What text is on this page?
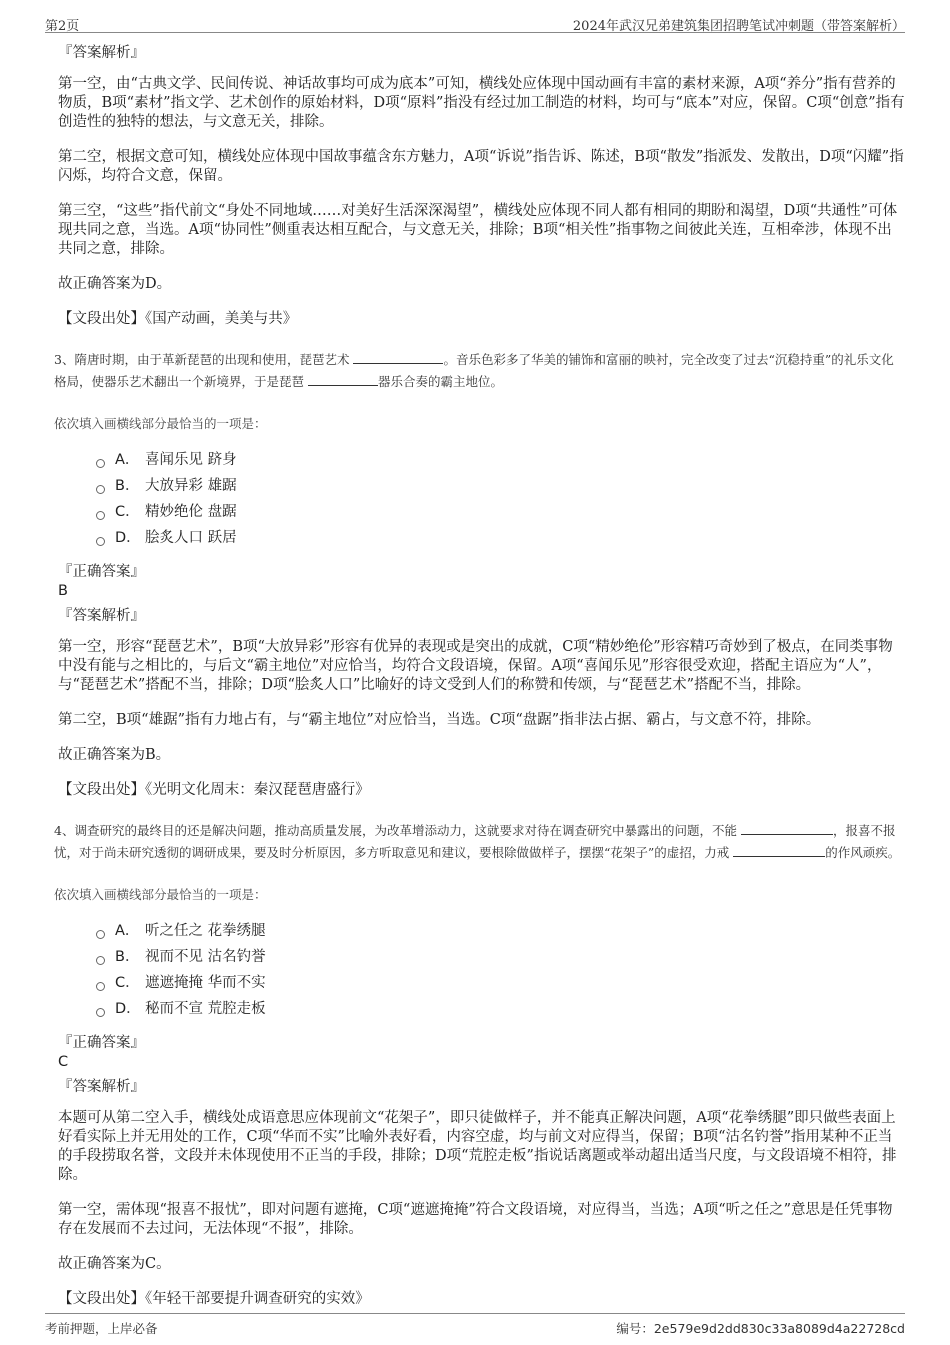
第2页	2024年武汉兄弟建筑集团招聘笔试冲刺题（带答案解析）
『答案解析』
第一空，由“古典文学、民间传说、神话故事均可成为底本”可知，横线处应体现中国动画有丰富的素材来源，A项“养分”指有营养的物质，B项“素材”指文学、艺术创作的原始材料，D项“原料”指没有经过加工制造的材料，均可与“底本”对应，保留。C项“创意”指有创造性的独特的想法，与文意无关，排除。
第二空，根据文意可知，横线处应体现中国故事蕴含东方魅力，A项“诉说”指告诉、陈述，B项“散发”指派发、发散出，D项“闪耀”指闪烁，均符合文意，保留。
第三空，“这些”指代前文“身处不同地域……对美好生活深深渴望”，横线处应体现不同人都有相同的期盼和渴望，D项“共通性”可体现共同之意，当选。A项“协同性”侧重表达相互配合，与文意无关，排除；B项“相关性”指事物之间彼此关连，互相牵涉，体现不出共同之意，排除。
故正确答案为D。
【文段出处】《国产动画，美美与共》
3、隋唐时期，由于革新琵琶的出现和使用，琵琶艺术	。音乐色彩多了华美的铺饰和富丽的映衬，完全改变了过去“沉稳持重”的礼乐文化格局，使器乐艺术翻出一个新境界，于是琵琶	器乐合奏的霸主地位。
依次填入画横线部分最恰当的一项是：
A． 喜闻乐见 跻身
B． 大放异彩 雄踞
C． 精妙绝伦 盘踞
D． 脍炙人口 跃居
『正确答案』
B
『答案解析』
第一空，形容“琵琶艺术”，B项“大放异彩”形容有优异的表现或是突出的成就，C项“精妙绝伦”形容精巧奇妙到了极点，在同类事物中没有能与之相比的，与后文“霸主地位”对应恰当，均符合文段语境，保留。A项“喜闻乐见”形容很受欢迎，搭配主语应为“人”，与“琵琶艺术”搭配不当，排除；D项“脍炙人口”比喻好的诗文受到人们的称赞和传颂，与“琵琶艺术”搭配不当，排除。
第二空，B项“雄踞”指有力地占有，与“霸主地位”对应恰当，当选。C项“盘踞”指非法占据、霸占，与文意不符，排除。
故正确答案为B。
【文段出处】《光明文化周末：秦汉琵琶唐盛行》
4、调查研究的最终目的还是解决问题，推动高质量发展，为改革增添动力，这就要求对待在调查研究中暴露出的问题，不能	，报喜不报忧，对于尚未研究透彻的调研成果，要及时分析原因，多方听取意见和建议，要根除做做样子，摆摆“花架子”的虚招，力戒	的作风顽疾。
依次填入画横线部分最恰当的一项是：
A． 听之任之 花拳绣腿
B． 视而不见 沽名钓誉
C． 遮遮掩掩 华而不实
D． 秘而不宣 荒腔走板
『正确答案』
C
『答案解析』
本题可从第二空入手，横线处成语意思应体现前文“花架子”，即只徒做样子，并不能真正解决问题，A项“花拳绣腿”即只做些表面上好看实际上并无用处的工作，C项“华而不实”比喻外表好看，内容空虚，均与前文对应得当，保留；B项“沽名钓誉”指用某种不正当的手段捞取名誉，文段并未体现使用不正当的手段，排除；D项“荒腔走板”指说话离题或举动超出适当尺度，与文段语境不相符，排除。
第一空，需体现“报喜不报忧”，即对问题有遮掩，C项“遮遮掩掩”符合文段语境，对应得当，当选；A项“听之任之”意思是任凭事物存在发展而不去过问，无法体现“不报”，排除。
故正确答案为C。
【文段出处】《年轻干部要提升调查研究的实效》
考前押题，上岸必备	编号：2e579e9d2dd830c33a8089d4a22728cd
